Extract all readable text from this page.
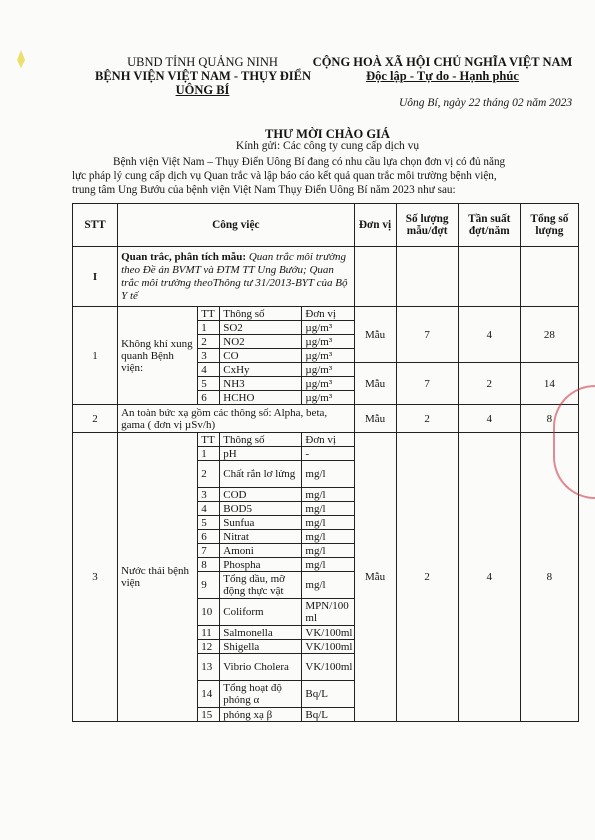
UBND TỈNH QUẢNG NINH
BỆNH VIỆN VIỆT NAM - THỤY ĐIỂN
UÔNG BÍ
CỘNG HOÀ XÃ HỘI CHỦ NGHĨA VIỆT NAM
Độc lập - Tự do - Hạnh phúc
Uông Bí, ngày 22 tháng 02 năm 2023
THƯ MỜI CHÀO GIÁ
Kính gửi: Các công ty cung cấp dịch vụ
Bệnh viện Việt Nam – Thụy Điển Uông Bí đang có nhu cầu lựa chọn đơn vị có đủ năng
lực pháp lý cung cấp dịch vụ Quan trắc và lập báo cáo kết quả quan trắc môi trường bệnh viện,
trung tâm Ung Bướu của bệnh viện Việt Nam Thụy Điển Uông Bí năm 2023 như sau:
STT	Công việc				Đơn vị	Số lượng mẫu/đợt	Tần suất đợt/năm	Tổng số lượng
I	Quan trắc, phân tích mẫu: Quan trắc môi trường theo Đề án BVMT và ĐTM TT Ung Bướu; Quan trắc môi trường theoThông tư 31/2013-BYT của Bộ Y tế							
1	Không khí xung quanh Bệnh viện:	TT	Thông số	Đơn vị	Mẫu	7	4	28
		1	SO2	µg/m³				
		2	NO2	µg/m³				
		3	CO	µg/m³				
		4	CxHy	µg/m³	Mẫu	7	2	14
		5	NH3	µg/m³				
		6	HCHO	µg/m³				
2	An toàn bức xạ gồm các thông số: Alpha, beta, gama ( đơn vị µSv/h)				Mẫu	2	4	8
3	Nước thải bệnh viện	TT	Thông số	Đơn vị	Mẫu	2	4	8
		1	pH	-				
		2	Chất rắn lơ lửng	mg/l				
		3	COD	mg/l				
		4	BOD5	mg/l				
		5	Sunfua	mg/l				
		6	Nitrat	mg/l				
		7	Amoni	mg/l				
		8	Phospha	mg/l				
		9	Tổng dầu, mỡ động thực vật	mg/l				
		10	Coliform	MPN/100 ml				
		11	Salmonella	VK/100ml				
		12	Shigella	VK/100ml				
		13	Vibrio Cholera	VK/100ml				
		14	Tổng hoạt độ phóng α	Bq/L				
		15	phóng xạ β	Bq/L				
